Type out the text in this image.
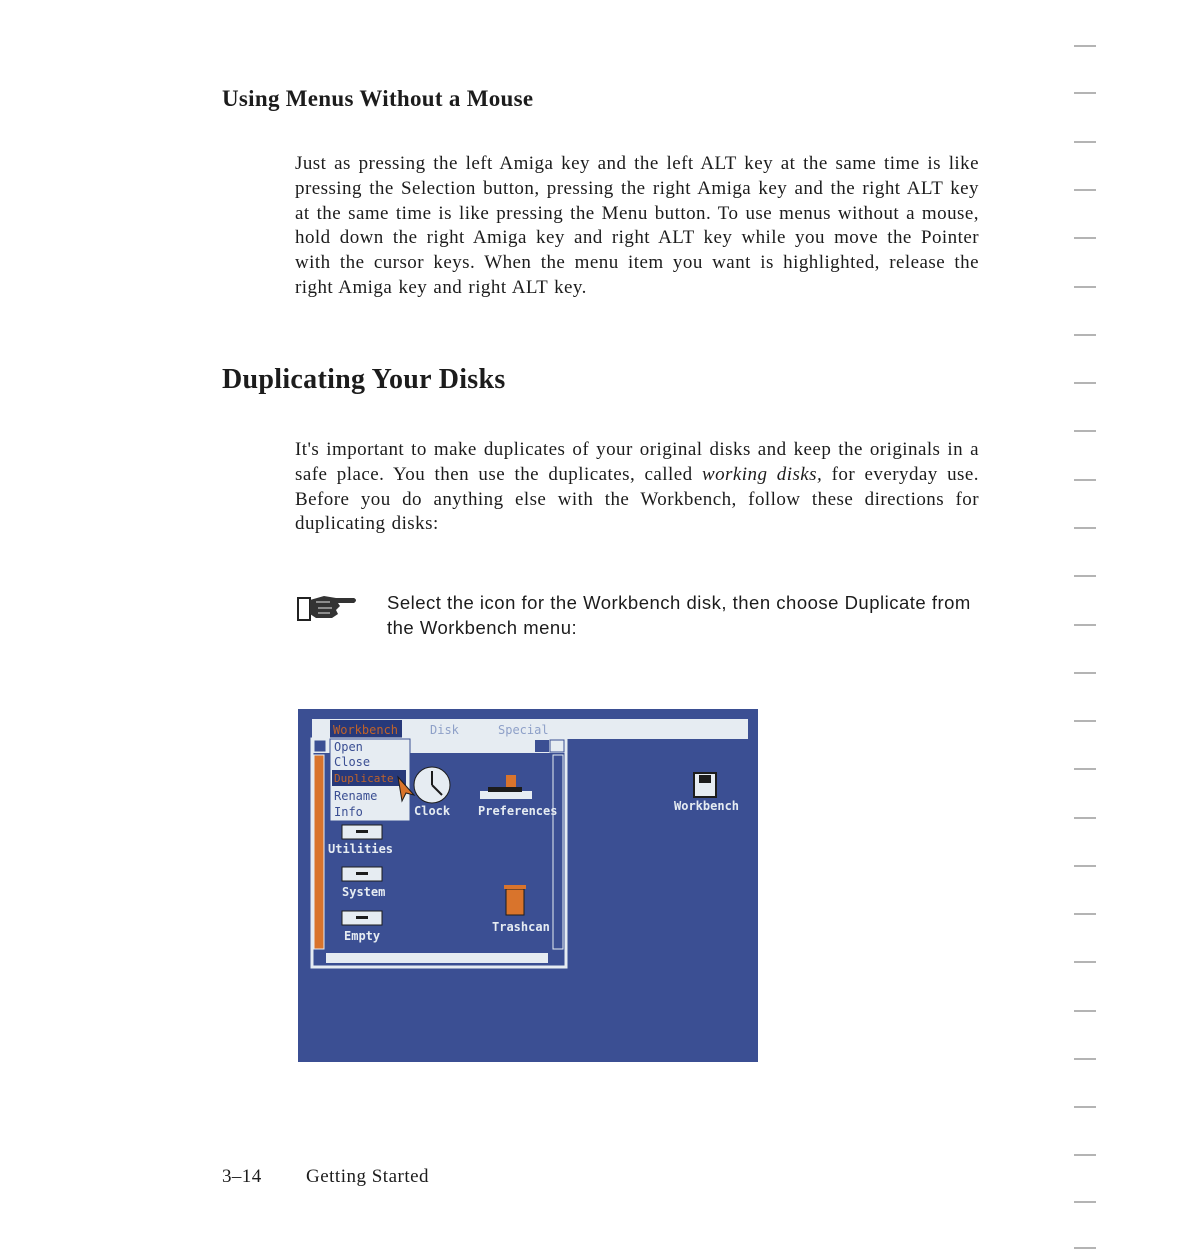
Using Menus Without a Mouse
Just as pressing the left Amiga key and the left ALT key at the same time is like pressing the Selection button, pressing the right Amiga key and the right ALT key at the same time is like pressing the Menu button. To use menus without a mouse, hold down the right Amiga key and right ALT key while you move the Pointer with the cursor keys. When the menu item you want is highlighted, release the right Amiga key and right ALT key.
Duplicating Your Disks
It's important to make duplicates of your original disks and keep the originals in a safe place. You then use the duplicates, called working disks, for everyday use. Before you do anything else with the Workbench, follow these directions for duplicating disks:
Select the icon for the Workbench disk, then choose Duplicate from the Workbench menu:
Workbench	Disk	Special
Open
Close
Duplicate
Rename
Info	Clock Preferences
Utilities
System
Empty
Trashcan
Workbench
3–14 Getting Started
